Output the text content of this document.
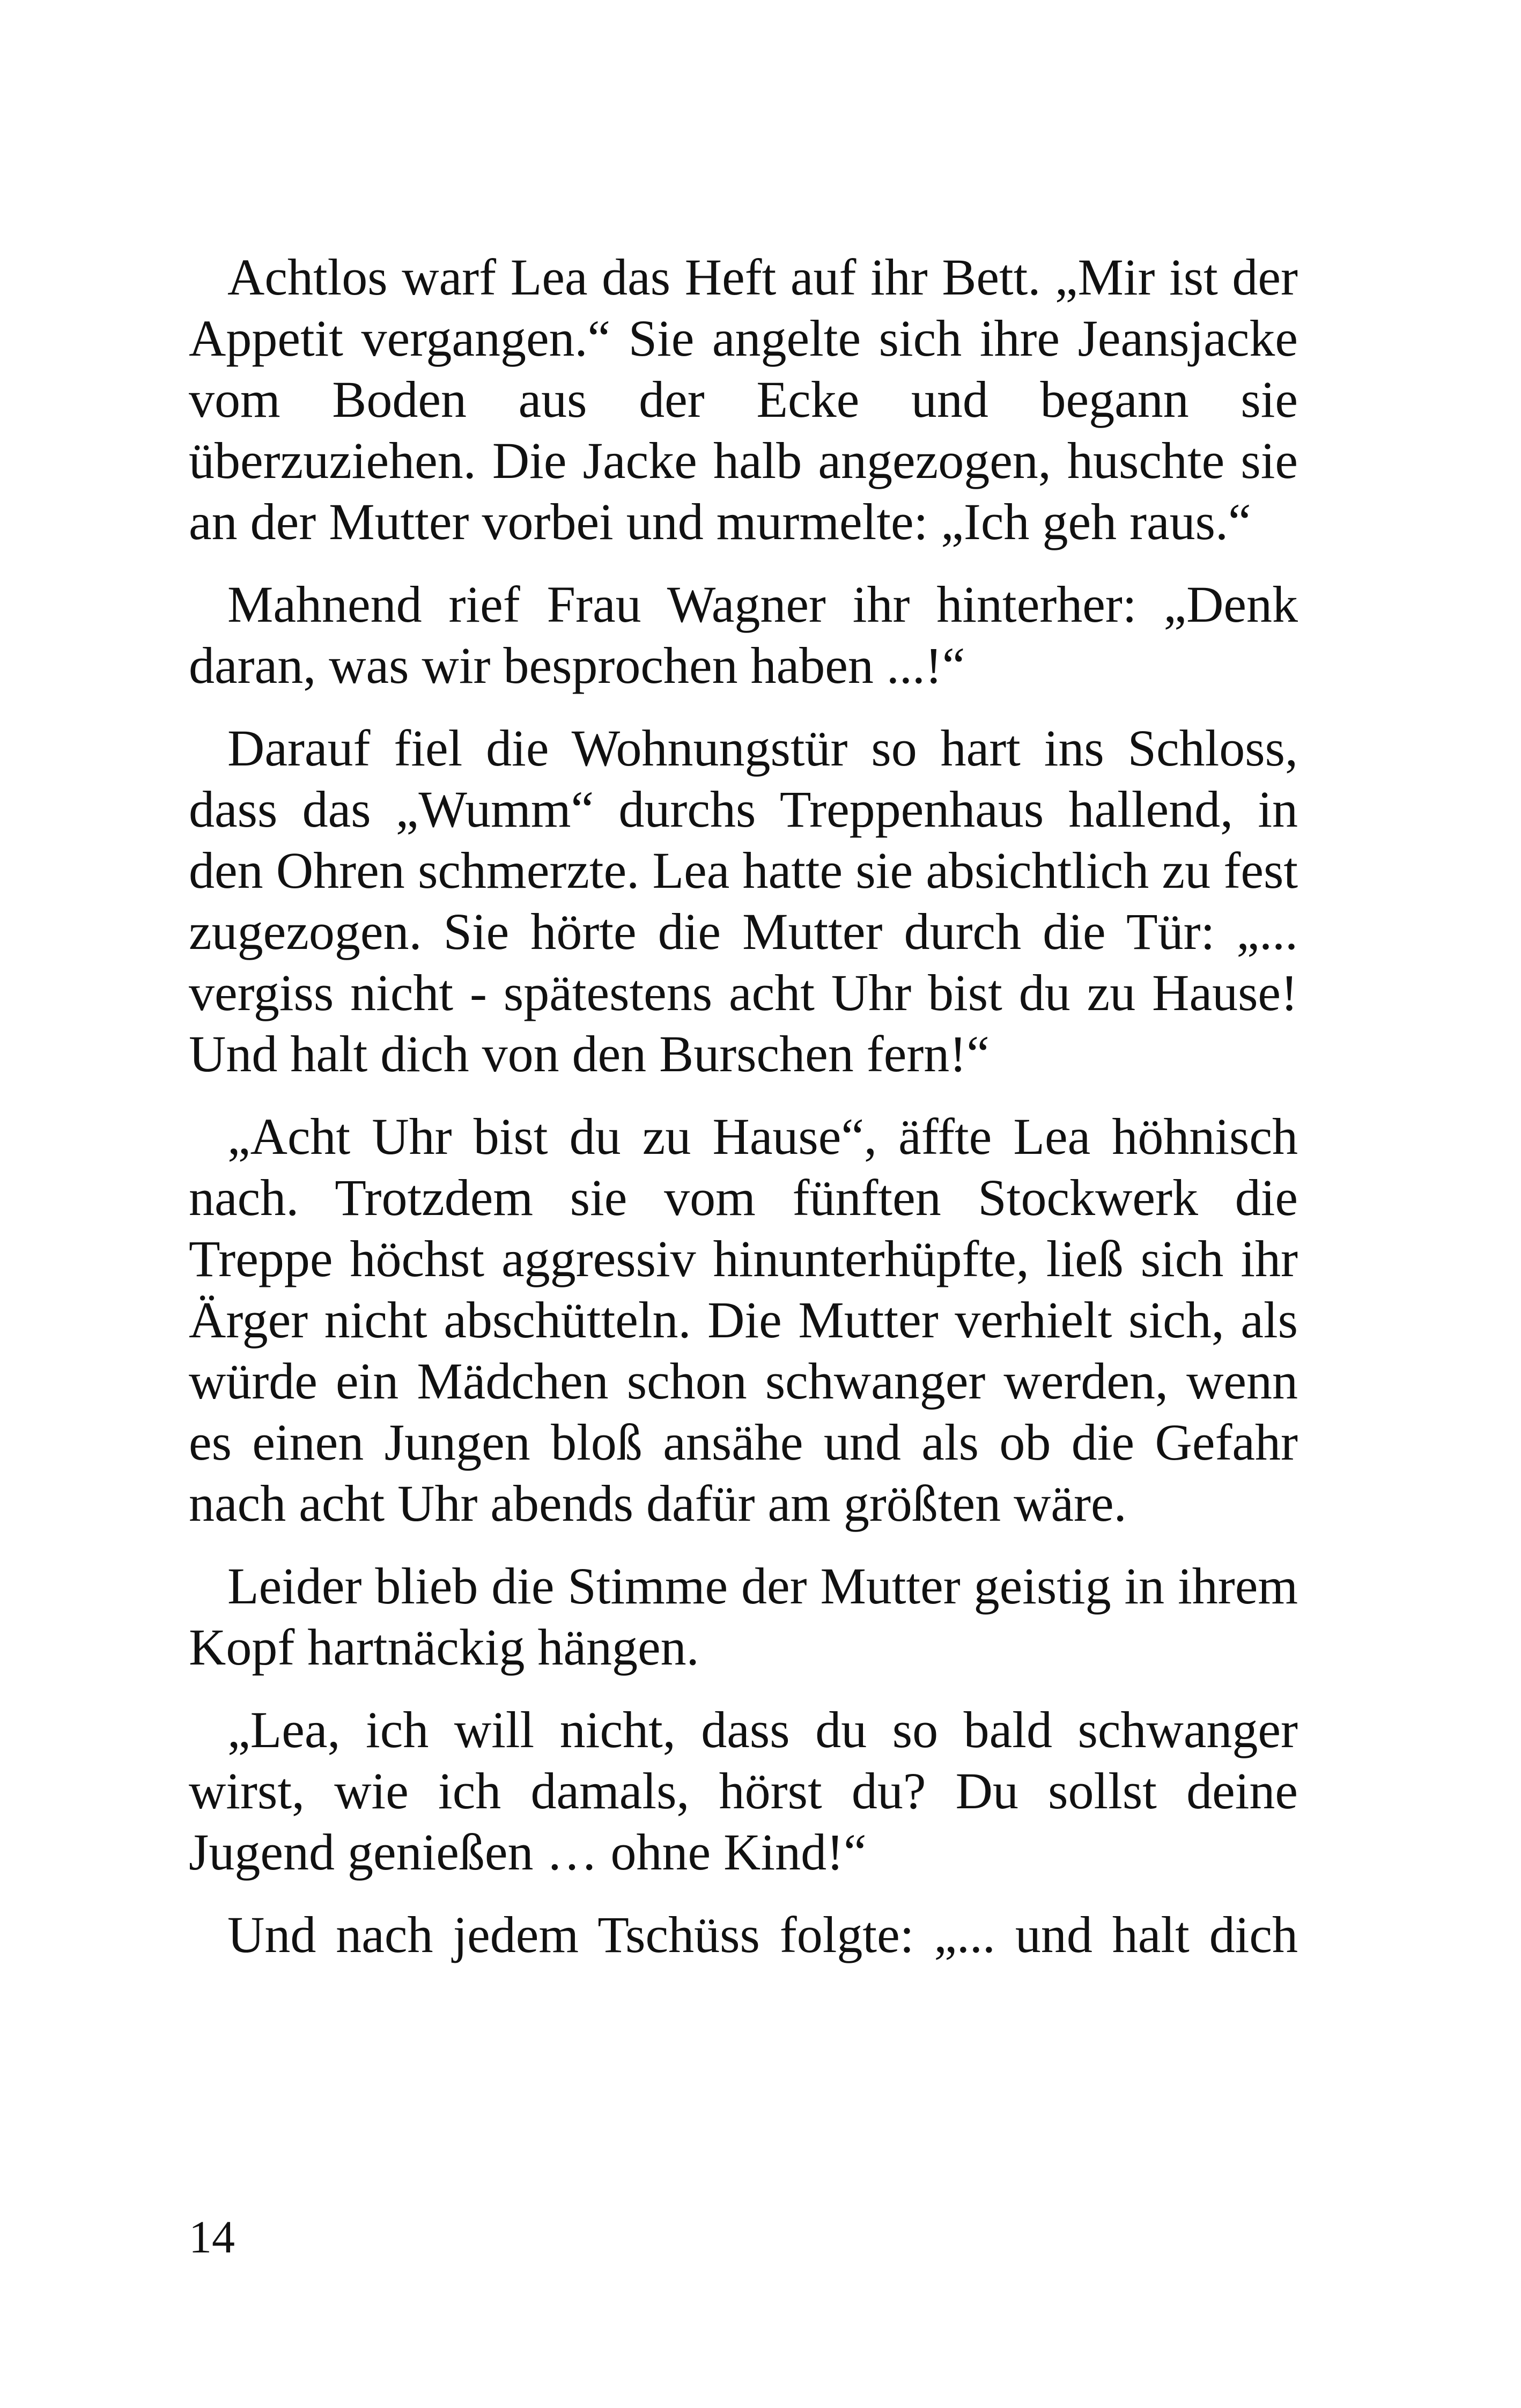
Achtlos warf Lea das Heft auf ihr Bett. „Mir ist der Appetit vergangen.“ Sie angelte sich ihre Jeansjacke vom Boden aus der Ecke und begann sie überzuziehen. Die Jacke halb angezogen, huschte sie an der Mutter vorbei und murmelte: „Ich geh raus.“

Mahnend rief Frau Wagner ihr hinterher: „Denk daran, was wir besprochen haben ...!“

Darauf fiel die Wohnungstür so hart ins Schloss, dass das „Wumm“ durchs Treppenhaus hallend, in den Ohren schmerzte. Lea hatte sie absichtlich zu fest zugezogen. Sie hörte die Mutter durch die Tür: „... vergiss nicht - spätestens acht Uhr bist du zu Hause! Und halt dich von den Burschen fern!“

„Acht Uhr bist du zu Hause“, äffte Lea höhnisch nach. Trotzdem sie vom fünften Stockwerk die Treppe höchst aggressiv hinunterhüpfte, ließ sich ihr Ärger nicht abschütteln. Die Mutter verhielt sich, als würde ein Mädchen schon schwanger werden, wenn es einen Jungen bloß ansähe und als ob die Gefahr nach acht Uhr abends dafür am größten wäre.

Leider blieb die Stimme der Mutter geistig in ihrem Kopf hartnäckig hängen.

„Lea, ich will nicht, dass du so bald schwanger wirst, wie ich damals, hörst du? Du sollst deine Jugend genießen … ohne Kind!“

Und nach jedem Tschüss folgte: „... und halt dich

14
